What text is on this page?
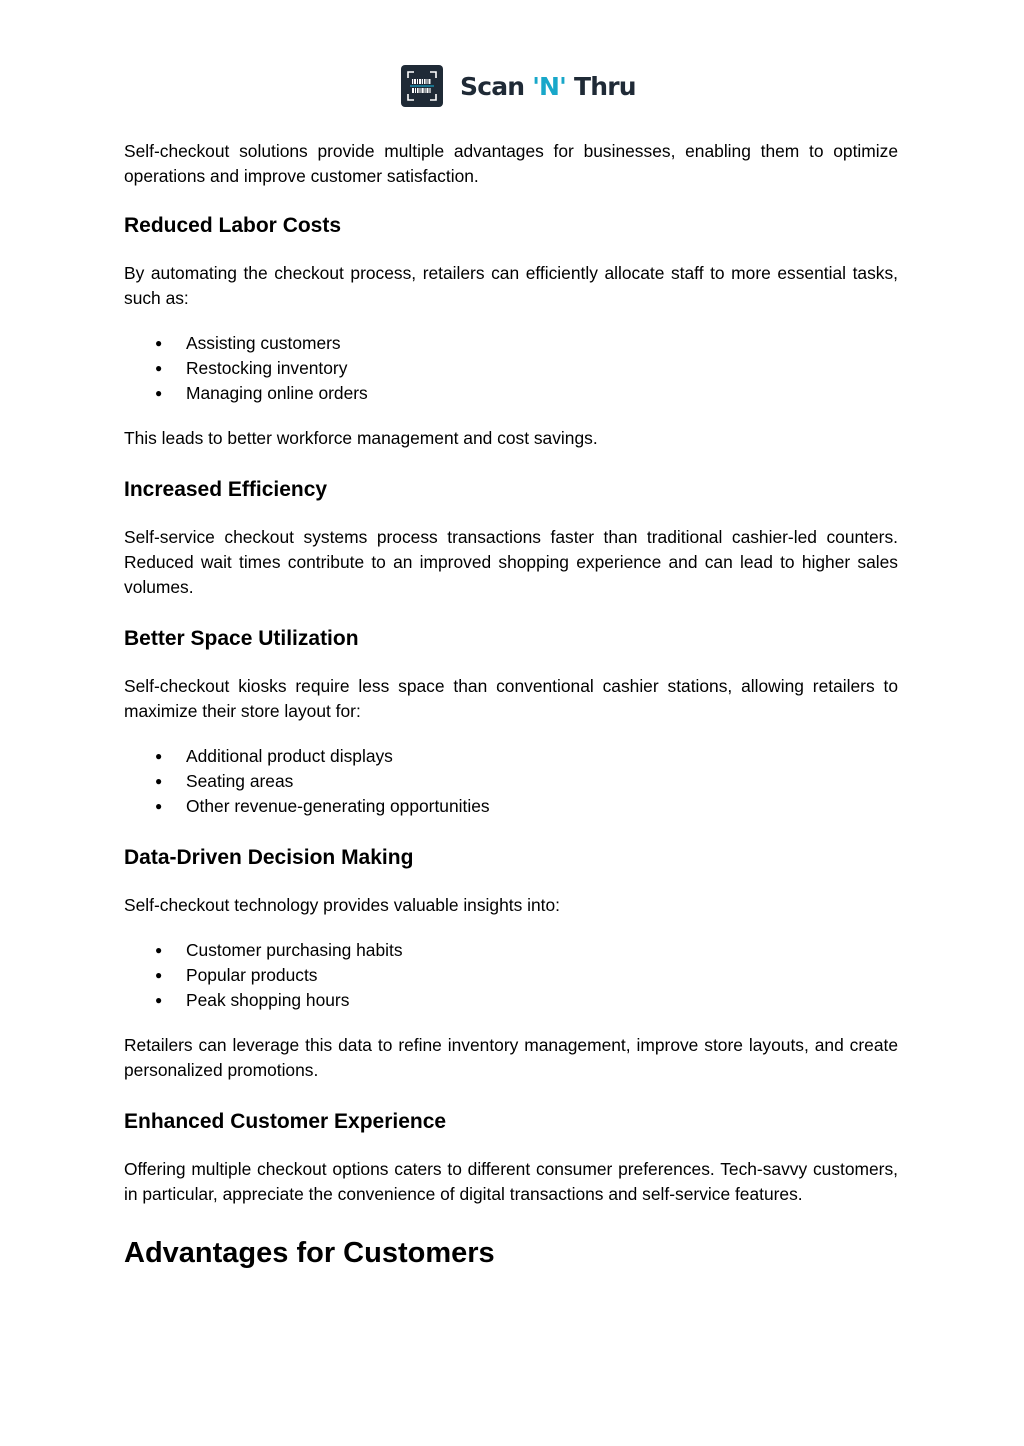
Scan 'N' Thru

Self-checkout solutions provide multiple advantages for businesses, enabling them to optimize operations and improve customer satisfaction.

Reduced Labor Costs

By automating the checkout process, retailers can efficiently allocate staff to more essential tasks, such as:

● Assisting customers
● Restocking inventory
● Managing online orders

This leads to better workforce management and cost savings.

Increased Efficiency

Self-service checkout systems process transactions faster than traditional cashier-led counters. Reduced wait times contribute to an improved shopping experience and can lead to higher sales volumes.

Better Space Utilization

Self-checkout kiosks require less space than conventional cashier stations, allowing retailers to maximize their store layout for:

● Additional product displays
● Seating areas
● Other revenue-generating opportunities
Data-Driven Decision Making

Self-checkout technology provides valuable insights into:

● Customer purchasing habits
● Popular products
● Peak shopping hours

Retailers can leverage this data to refine inventory management, improve store layouts, and create personalized promotions.

Enhanced Customer Experience

Offering multiple checkout options caters to different consumer preferences. Tech-savvy customers, in particular, appreciate the convenience of digital transactions and self-service features.

Advantages for Customers
